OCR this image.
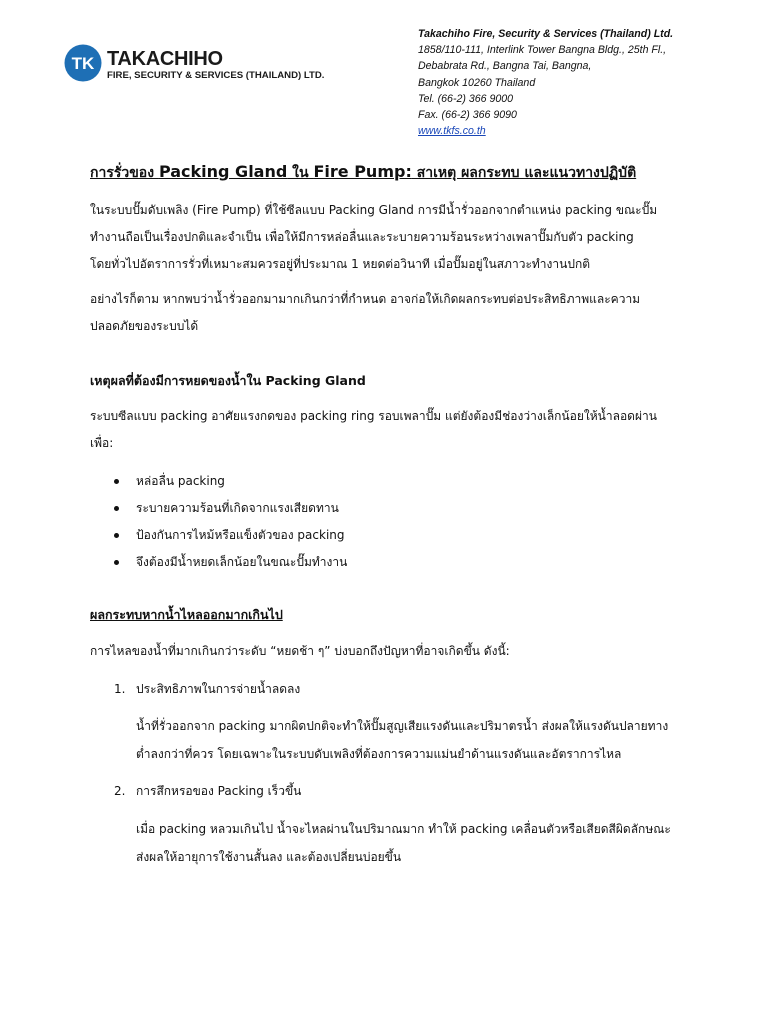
TK TAKACHIHO
FIRE, SECURITY & SERVICES (THAILAND) LTD.
Takachiho Fire, Security & Services (Thailand) Ltd.
1858/110-111, Interlink Tower Bangna Bldg., 25th Fl.,
Debabrata Rd., Bangna Tai, Bangna,
Bangkok 10260 Thailand
Tel. (66-2) 366 9000
Fax. (66-2) 366 9090
www.tkfs.co.th
การรั่วของ Packing Gland ใน Fire Pump: สาเหตุ ผลกระทบ และแนวทางปฏิบัติ
ในระบบปั๊มดับเพลิง (Fire Pump) ที่ใช้ซีลแบบ Packing Gland การมีน้ำรั่วออกจากตำแหน่ง packing ขณะปั๊ม
ทำงานถือเป็นเรื่องปกติและจำเป็น เพื่อให้มีการหล่อลื่นและระบายความร้อนระหว่างเพลาปั๊มกับตัว packing
โดยทั่วไปอัตราการรั่วที่เหมาะสมควรอยู่ที่ประมาณ 1 หยดต่อวินาที เมื่อปั๊มอยู่ในสภาวะทำงานปกติ
อย่างไรก็ตาม หากพบว่าน้ำรั่วออกมามากเกินกว่าที่กำหนด อาจก่อให้เกิดผลกระทบต่อประสิทธิภาพและความ
ปลอดภัยของระบบได้
เหตุผลที่ต้องมีการหยดของน้ำใน Packing Gland
ระบบซีลแบบ packing อาศัยแรงกดของ packing ring รอบเพลาปั๊ม แต่ยังต้องมีช่องว่างเล็กน้อยให้น้ำลอดผ่าน
เพื่อ:
หล่อลื่น packing
ระบายความร้อนที่เกิดจากแรงเสียดทาน
ป้องกันการไหม้หรือแข็งตัวของ packing
จึงต้องมีน้ำหยดเล็กน้อยในขณะปั๊มทำงาน
ผลกระทบหากน้ำไหลออกมากเกินไป
การไหลของน้ำที่มากเกินกว่าระดับ “หยดช้า ๆ” บ่งบอกถึงปัญหาที่อาจเกิดขึ้น ดังนี้:
1. ประสิทธิภาพในการจ่ายน้ำลดลง
น้ำที่รั่วออกจาก packing มากผิดปกติจะทำให้ปั๊มสูญเสียแรงดันและปริมาตรน้ำ ส่งผลให้แรงดันปลายทาง
ต่ำลงกว่าที่ควร โดยเฉพาะในระบบดับเพลิงที่ต้องการความแม่นยำด้านแรงดันและอัตราการไหล
2. การสึกหรอของ Packing เร็วขึ้น
เมื่อ packing หลวมเกินไป น้ำจะไหลผ่านในปริมาณมาก ทำให้ packing เคลื่อนตัวหรือเสียดสีผิดลักษณะ
ส่งผลให้อายุการใช้งานสั้นลง และต้องเปลี่ยนบ่อยขึ้น
